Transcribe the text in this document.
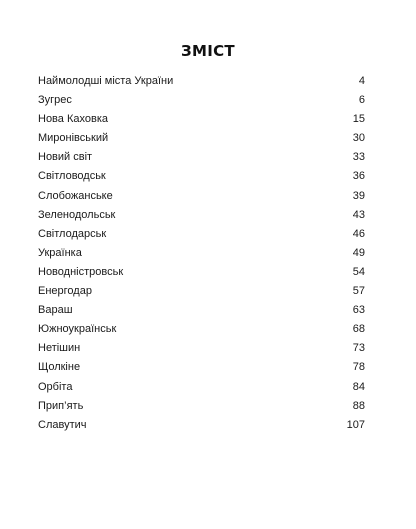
ЗМІСТ
Наймолодші міста України	4
Зугрес	6
Нова Каховка	15
Миронівський	30
Новий світ	33
Світловодськ	36
Слобожанське	39
Зеленодольськ	43
Світлодарськ	46
Українка	49
Новодністровськ	54
Енергодар	57
Вараш	63
Южноукраїнськ	68
Нетішин	73
Щолкіне	78
Орбіта	84
Прип’ять	88
Славутич	107
